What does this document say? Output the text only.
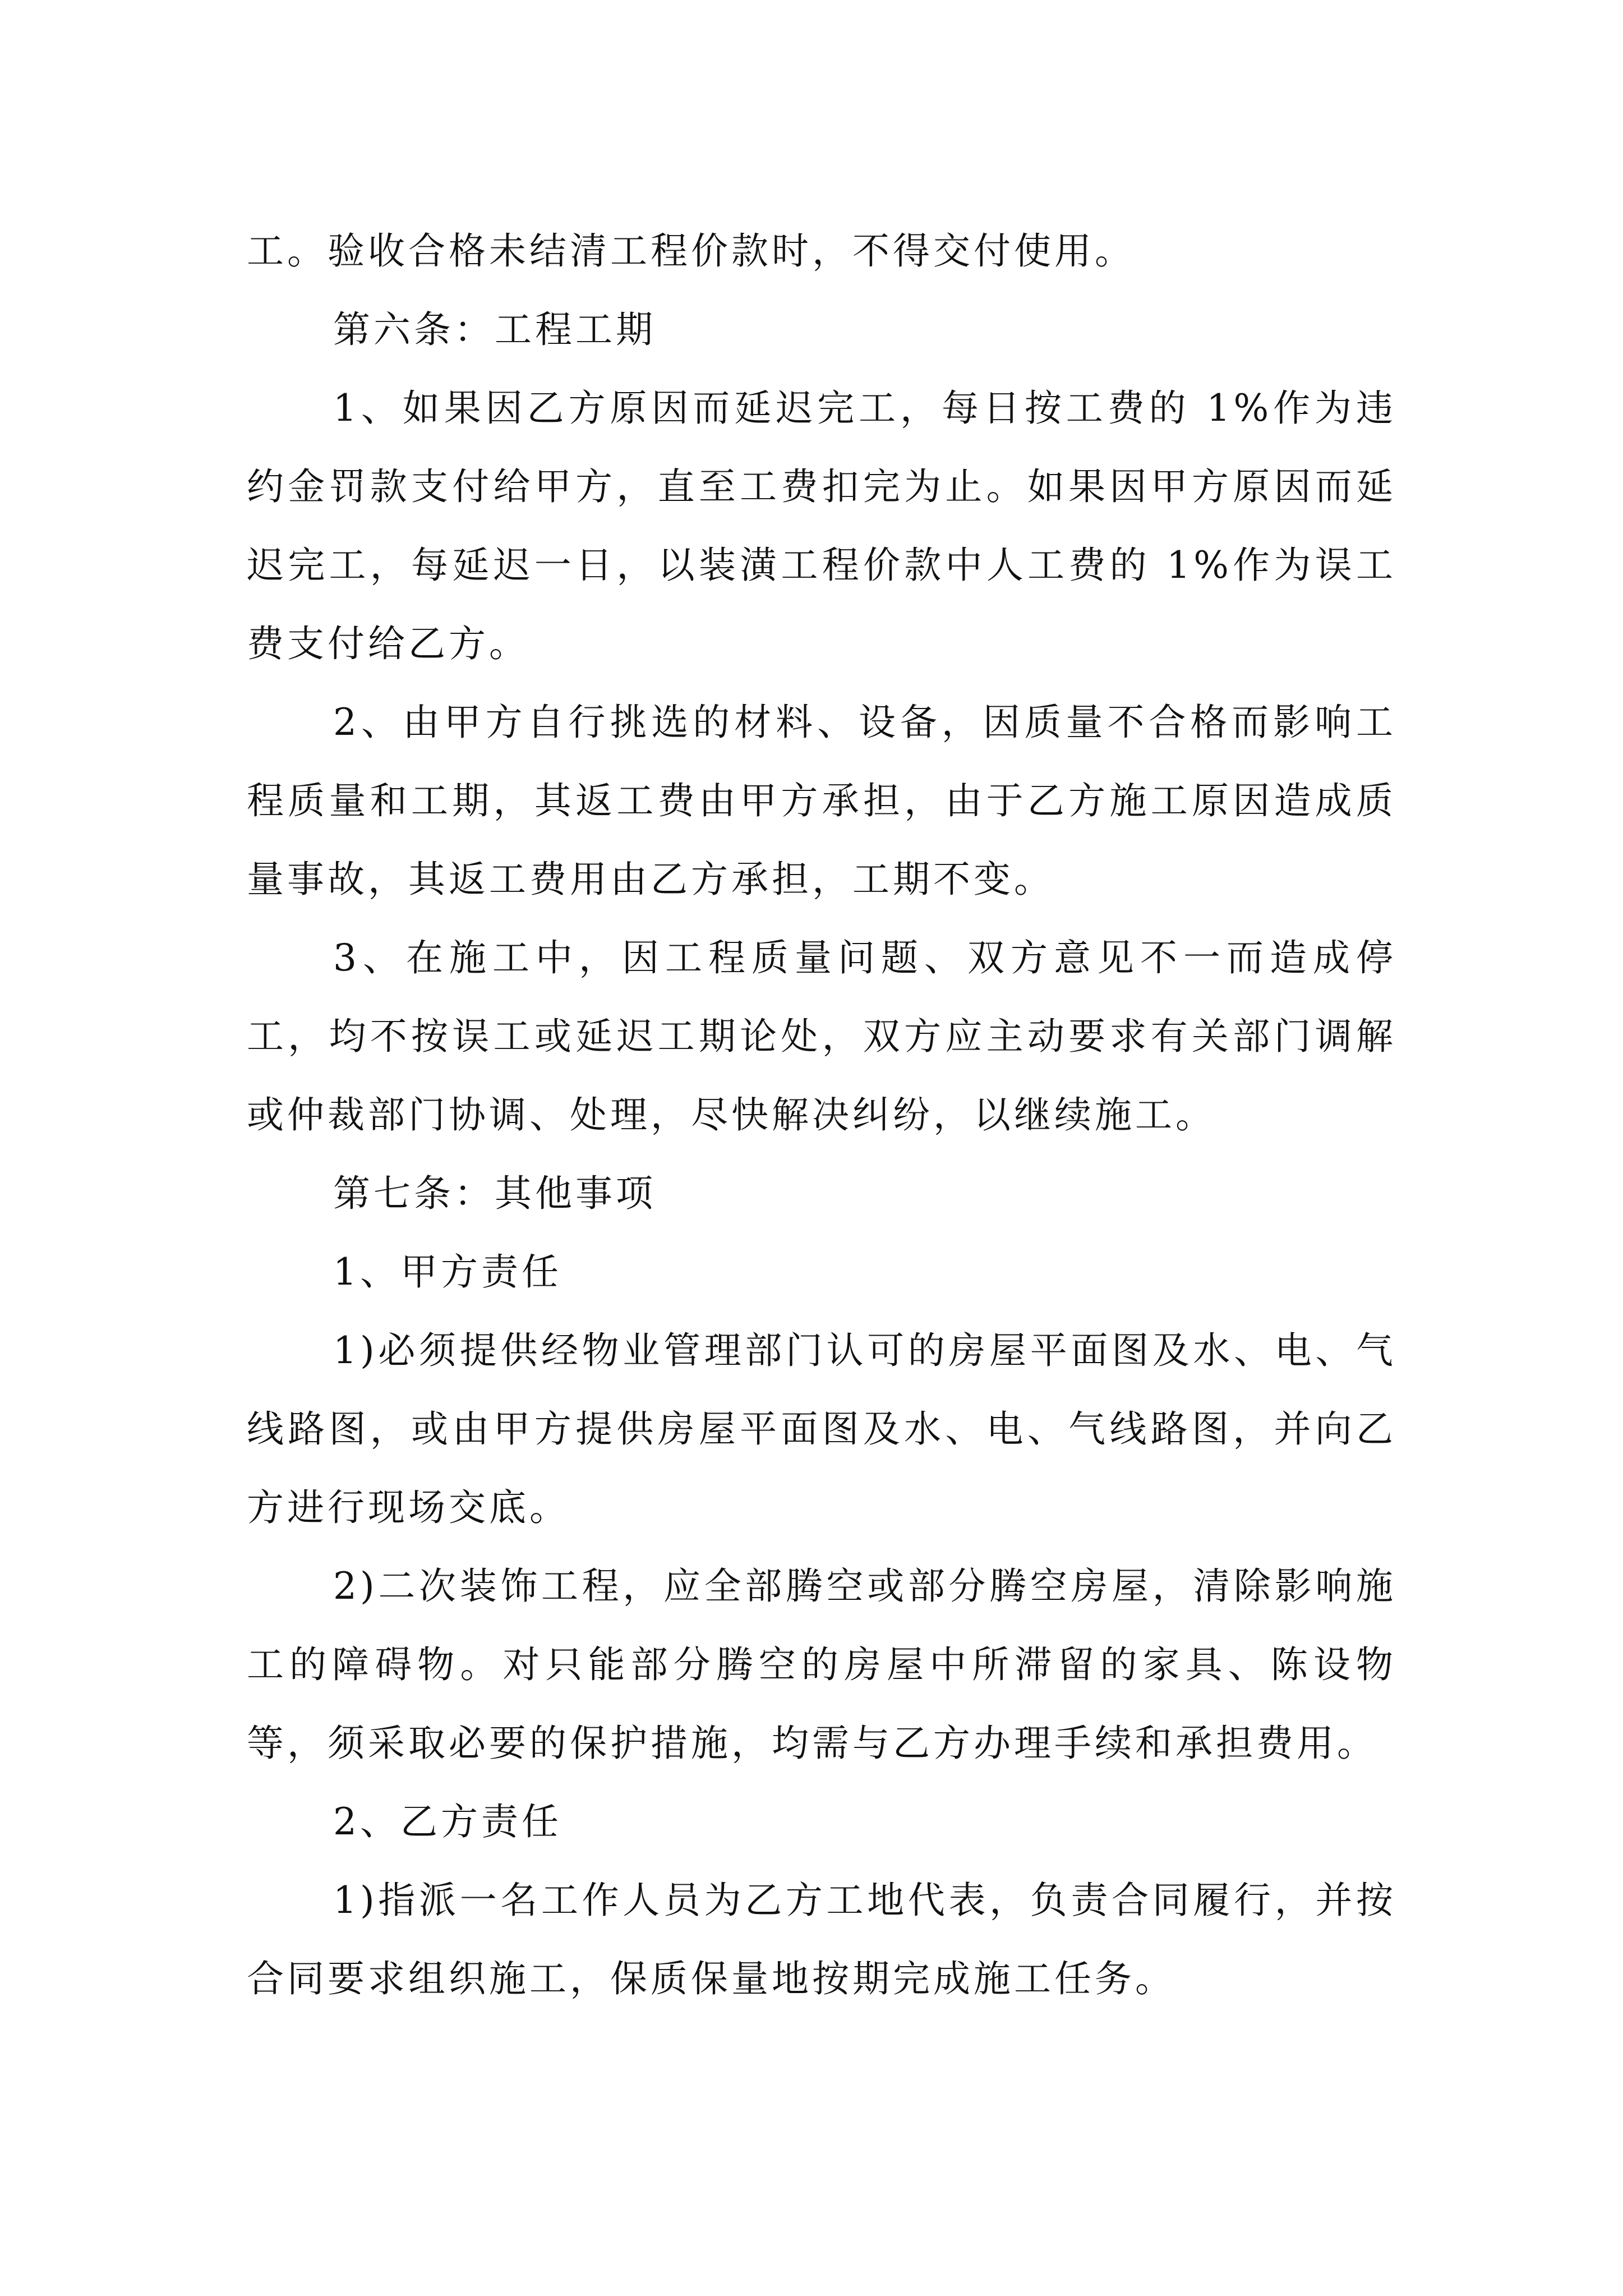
工。验收合格未结清工程价款时，不得交付使用。

第六条：工程工期

1、如果因乙方原因而延迟完工，每日按工费的 1%作为违约金罚款支付给甲方，直至工费扣完为止。如果因甲方原因而延迟完工，每延迟一日，以装潢工程价款中人工费的 1%作为误工费支付给乙方。

2、由甲方自行挑选的材料、设备，因质量不合格而影响工程质量和工期，其返工费由甲方承担，由于乙方施工原因造成质量事故，其返工费用由乙方承担，工期不变。

3、在施工中，因工程质量问题、双方意见不一而造成停工，均不按误工或延迟工期论处，双方应主动要求有关部门调解或仲裁部门协调、处理，尽快解决纠纷，以继续施工。

第七条：其他事项

1、甲方责任

1)必须提供经物业管理部门认可的房屋平面图及水、电、气线路图，或由甲方提供房屋平面图及水、电、气线路图，并向乙方进行现场交底。

2)二次装饰工程，应全部腾空或部分腾空房屋，清除影响施工的障碍物。对只能部分腾空的房屋中所滞留的家具、陈设物等，须采取必要的保护措施，均需与乙方办理手续和承担费用。

2、乙方责任

1)指派一名工作人员为乙方工地代表，负责合同履行，并按合同要求组织施工，保质保量地按期完成施工任务。
